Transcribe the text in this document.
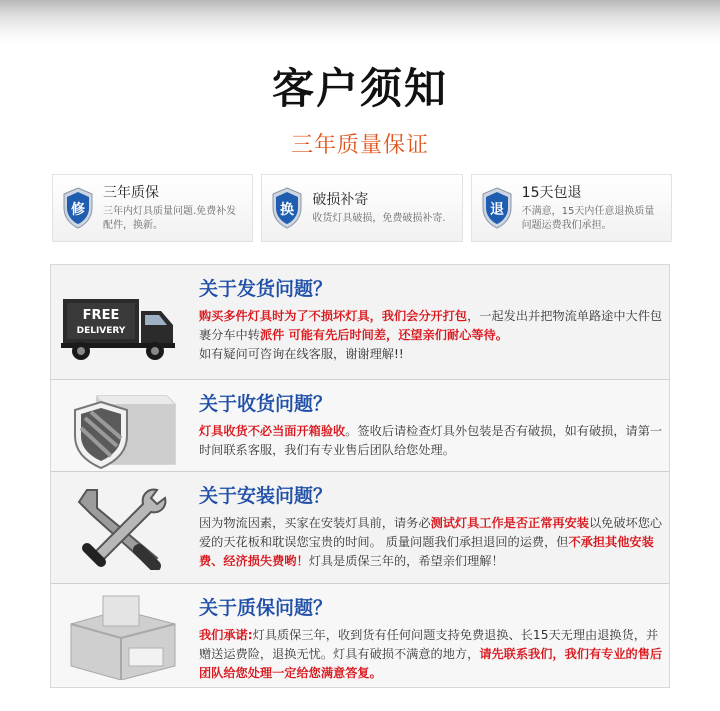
客户须知
三年质量保证
修
三年质保
三年内灯具质量问题.免费补发配件，换新。
换
破损补寄
收货灯具破损，免费破损补寄.	退
15天包退
不满意，15天内任意退换质量问题运费我们承担。
FREE
DELIVERY
关于发货问题？
购买多件灯具时为了不损坏灯具，我们会分开打包，一起发出并把物流单路途中大件包裹分车中转派件 可能有先后时间差，还望亲们耐心等待。
如有疑问可咨询在线客服，谢谢理解!!
关于收货问题？
灯具收货不必当面开箱验收。签收后请检查灯具外包装是否有破损，如有破损，请第一时间联系客服，我们有专业售后团队给您处理。
关于安装问题？
因为物流因素，买家在安装灯具前，请务必测试灯具工作是否正常再安装以免破坏您心爱的天花板和耽误您宝贵的时间。 质量问题我们承担退回的运费，但不承担其他安装费、经济损失费哟！灯具是质保三年的，希望亲们理解！
关于质保问题？
我们承诺:灯具质保三年，收到货有任何问题支持免费退换、长15天无理由退换货，并赠送运费险，退换无忧。灯具有破损不满意的地方，请先联系我们，我们有专业的售后团队给您处理一定给您满意答复。
